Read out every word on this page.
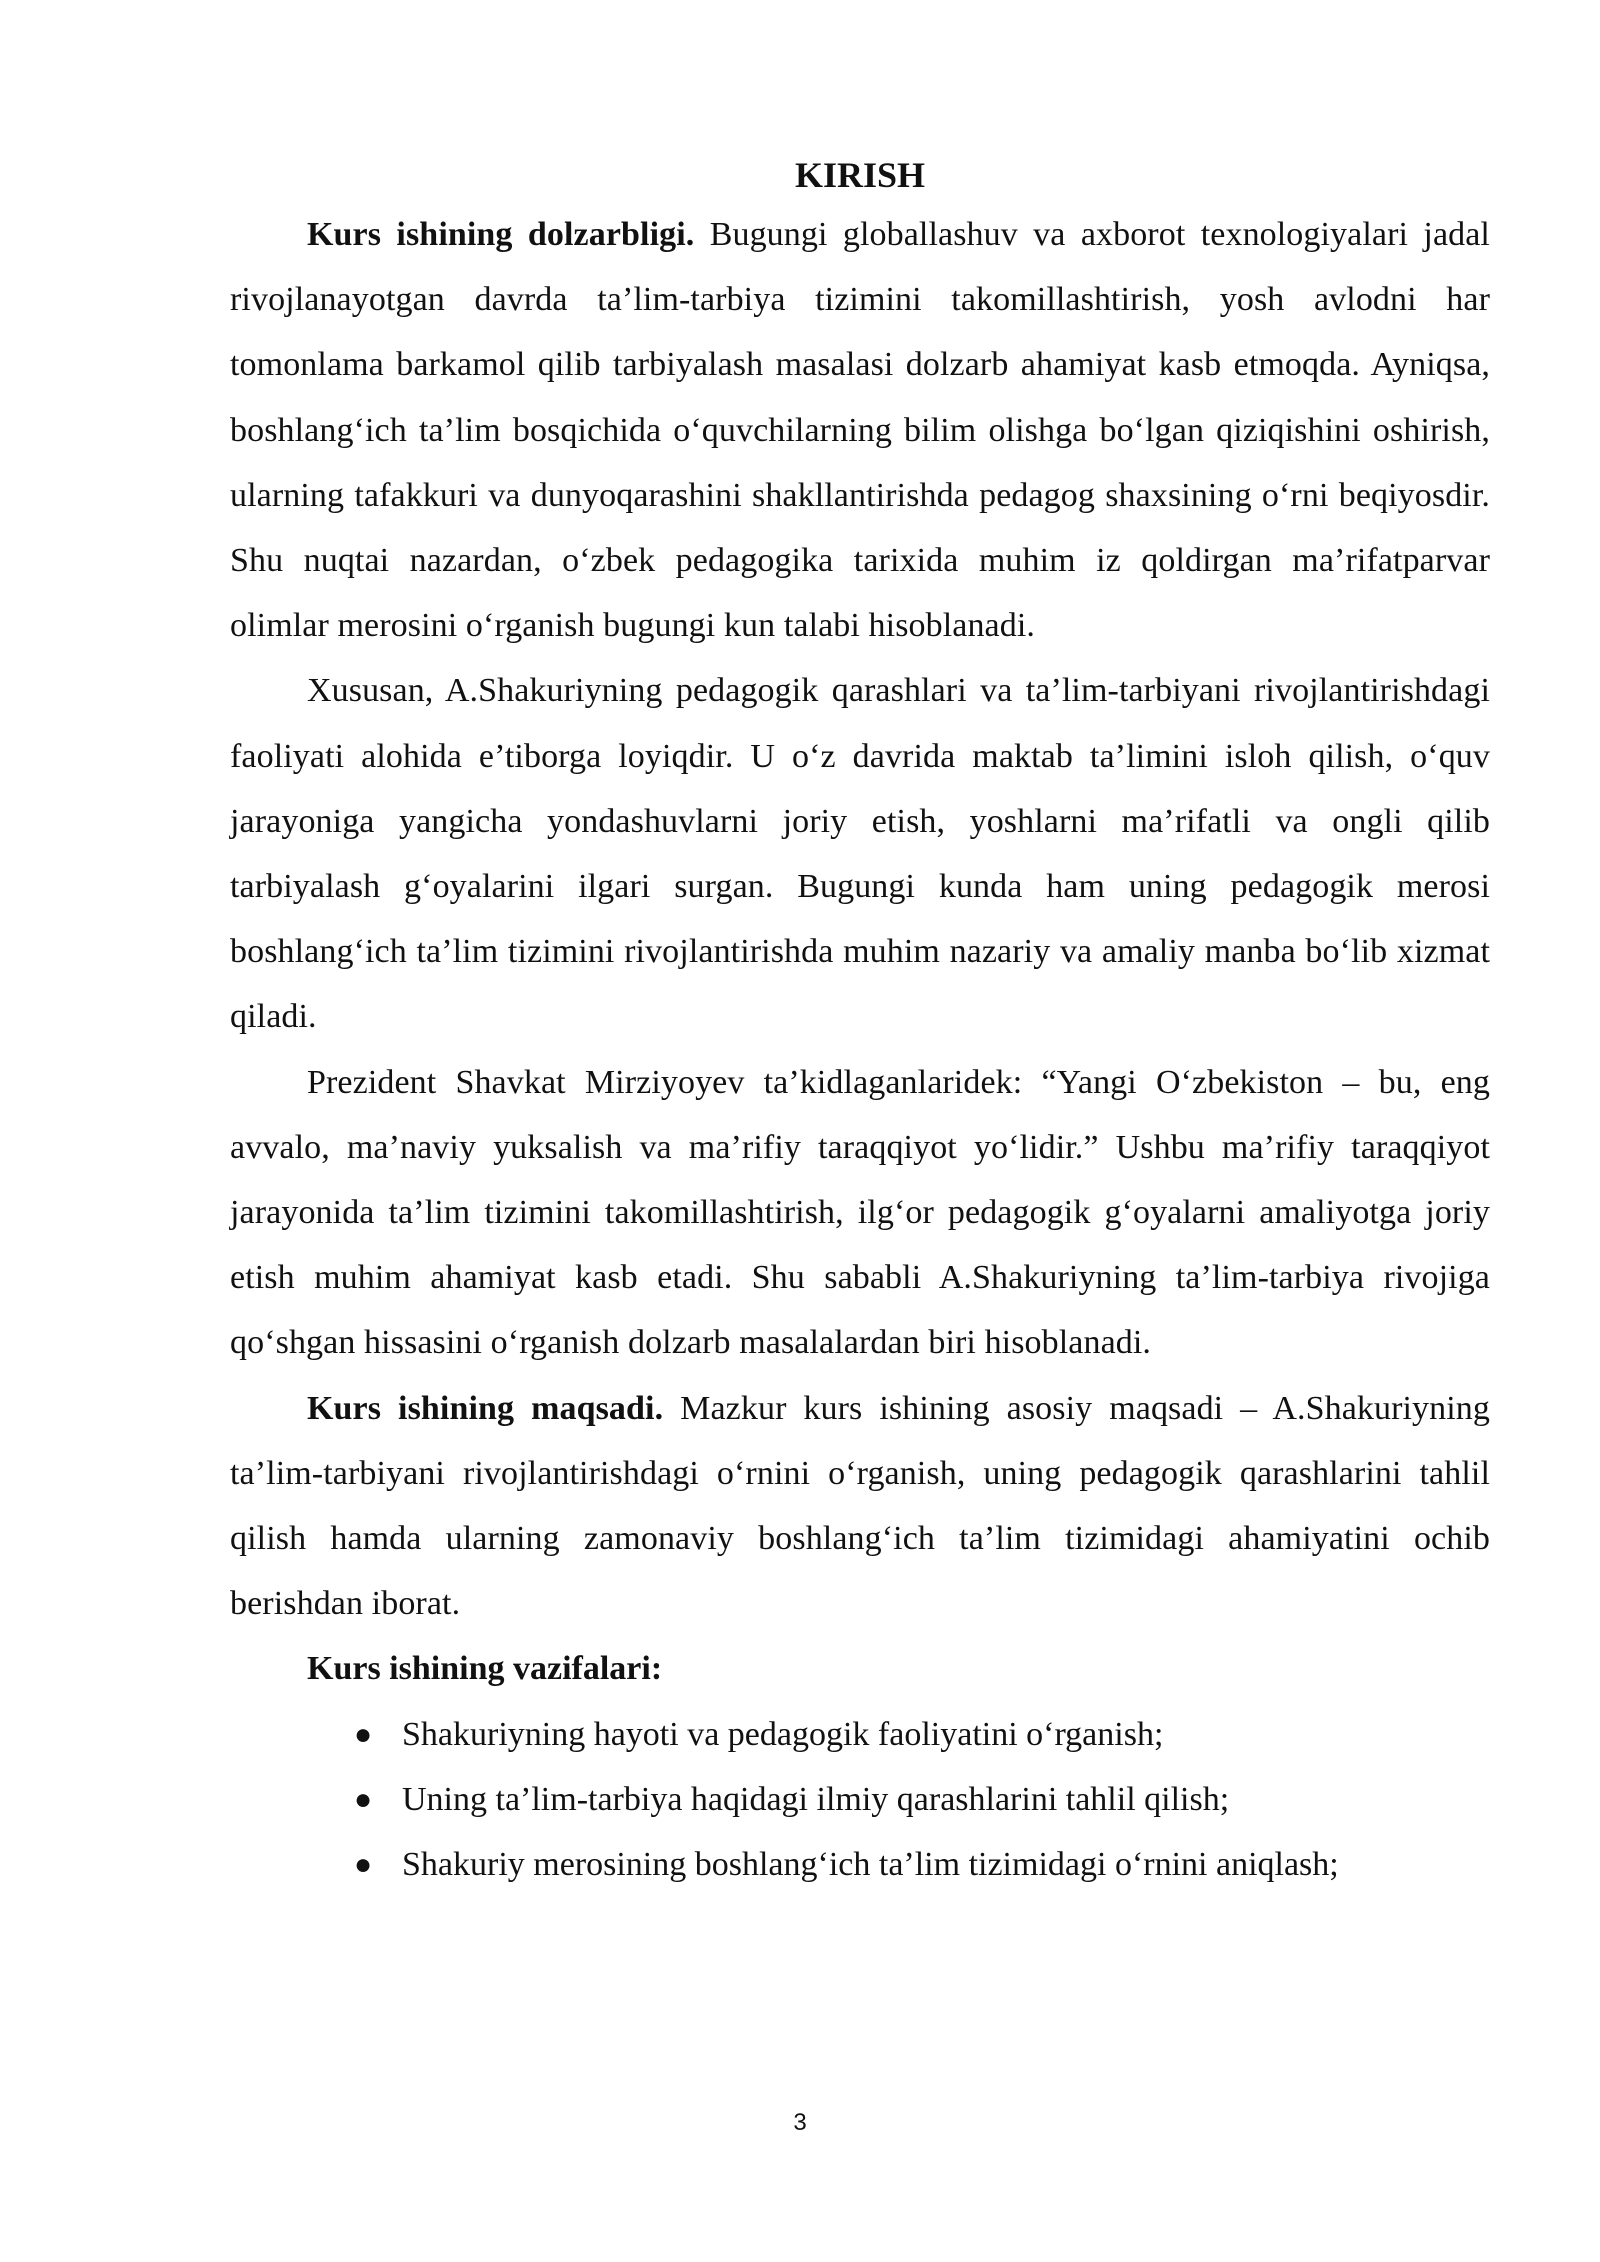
KIRISH

Kurs ishining dolzarbligi. Bugungi globallashuv va axborot texnologiyalari jadal rivojlanayotgan davrda ta’lim-tarbiya tizimini takomillashtirish, yosh avlodni har tomonlama barkamol qilib tarbiyalash masalasi dolzarb ahamiyat kasb etmoqda. Ayniqsa, boshlang‘ich ta’lim bosqichida o‘quvchilarning bilim olishga bo‘lgan qiziqishini oshirish, ularning tafakkuri va dunyoqarashini shakllantirishda pedagog shaxsining o‘rni beqiyosdir. Shu nuqtai nazardan, o‘zbek pedagogika tarixida muhim iz qoldirgan ma’rifatparvar olimlar merosini o‘rganish bugungi kun talabi hisoblanadi.

Xususan, A.Shakuriyning pedagogik qarashlari va ta’lim-tarbiyani rivojlantirishdagi faoliyati alohida e’tiborga loyiqdir. U o‘z davrida maktab ta’limini isloh qilish, o‘quv jarayoniga yangicha yondashuvlarni joriy etish, yoshlarni ma’rifatli va ongli qilib tarbiyalash g‘oyalarini ilgari surgan. Bugungi kunda ham uning pedagogik merosi boshlang‘ich ta’lim tizimini rivojlantirishda muhim nazariy va amaliy manba bo‘lib xizmat qiladi.

Prezident Shavkat Mirziyoyev ta’kidlaganlaridek: “Yangi O‘zbekiston – bu, eng avvalo, ma’naviy yuksalish va ma’rifiy taraqqiyot yo‘lidir.” Ushbu ma’rifiy taraqqiyot jarayonida ta’lim tizimini takomillashtirish, ilg‘or pedagogik g‘oyalarni amaliyotga joriy etish muhim ahamiyat kasb etadi. Shu sababli A.Shakuriyning ta’lim-tarbiya rivojiga qo‘shgan hissasini o‘rganish dolzarb masalalardan biri hisoblanadi.

Kurs ishining maqsadi. Mazkur kurs ishining asosiy maqsadi – A.Shakuriyning ta’lim-tarbiyani rivojlantirishdagi o‘rnini o‘rganish, uning pedagogik qarashlarini tahlil qilish hamda ularning zamonaviy boshlang‘ich ta’lim tizimidagi ahamiyatini ochib berishdan iborat.

Kurs ishining vazifalari:

● Shakuriyning hayoti va pedagogik faoliyatini o‘rganish;
● Uning ta’lim-tarbiya haqidagi ilmiy qarashlarini tahlil qilish;
● Shakuriy merosining boshlang‘ich ta’lim tizimidagi o‘rnini aniqlash;
3
